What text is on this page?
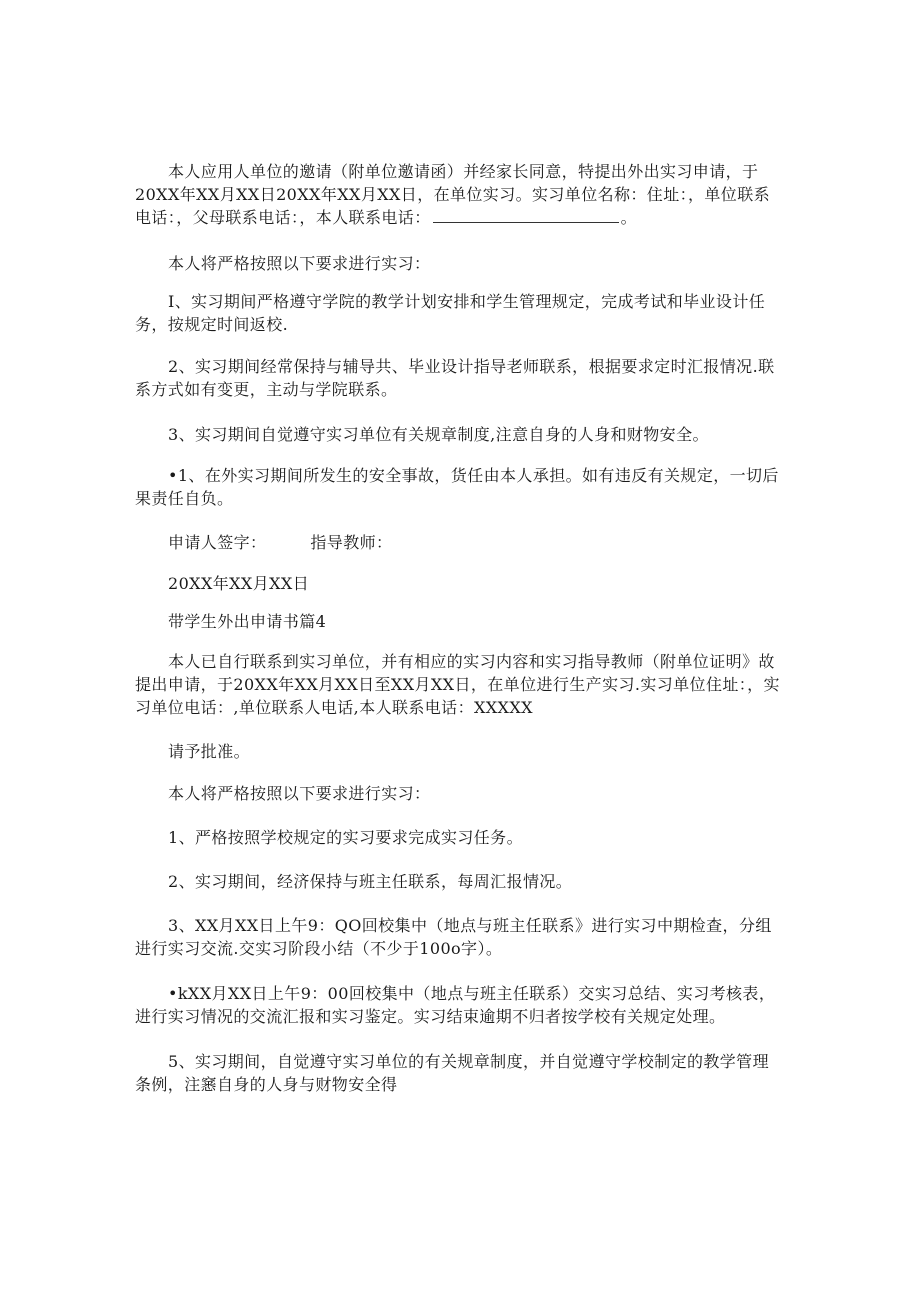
本人应用人单位的邀请（附单位邀请函）并经家长同意，特提出外出实习申请，于20XX年XX月XX日20XX年XX月XX日，在单位实习。实习单位名称：住址：，单位联系电话：，父母联系电话：，本人联系电话：	。

本人将严格按照以下要求进行实习：

I、实习期间严格遵守学院的教学计划安排和学生管理规定，完成考试和毕业设计任务，按规定时间返校.

2、实习期间经常保持与辅导共、毕业设计指导老师联系，根据要求定时汇报情况.联系方式如有变更，主动与学院联系。

3、实习期间自觉遵守实习单位有关规章制度,注意自身的人身和财物安全。

•1、在外实习期间所发生的安全事故，货任由本人承担。如有违反有关规定，一切后果责任自负。

申请人签字：	指导教师：

20XX年XX月XX日

带学生外出申请书篇4

本人已自行联系到实习单位，并有相应的实习内容和实习指导教师（附单位证明》故提出申请，于20XX年XX月XX日至XX月XX日，在单位进行生产实习.实习单位住址：，实习单位电话：,单位联系人电话,本人联系电话：XXXXX

请予批准。

本人将严格按照以下要求进行实习：

1、严格按照学校规定的实习要求完成实习任务。

2、实习期间，经济保持与班主任联系，每周汇报情况。

3、XX月XX日上午9：QO回校集中（地点与班主任联系》进行实习中期检查，分组进行实习交流.交实习阶段小结（不少于100o字）。

•kXX月XX日上午9：00回校集中（地点与班主任联系）交实习总结、实习考核表，进行实习情况的交流汇报和实习鉴定。实习结束逾期不归者按学校有关规定处理。

5、实习期间，自觉遵守实习单位的有关规章制度，并自觉遵守学校制定的教学管理条例，注窸自身的人身与财物安全得
